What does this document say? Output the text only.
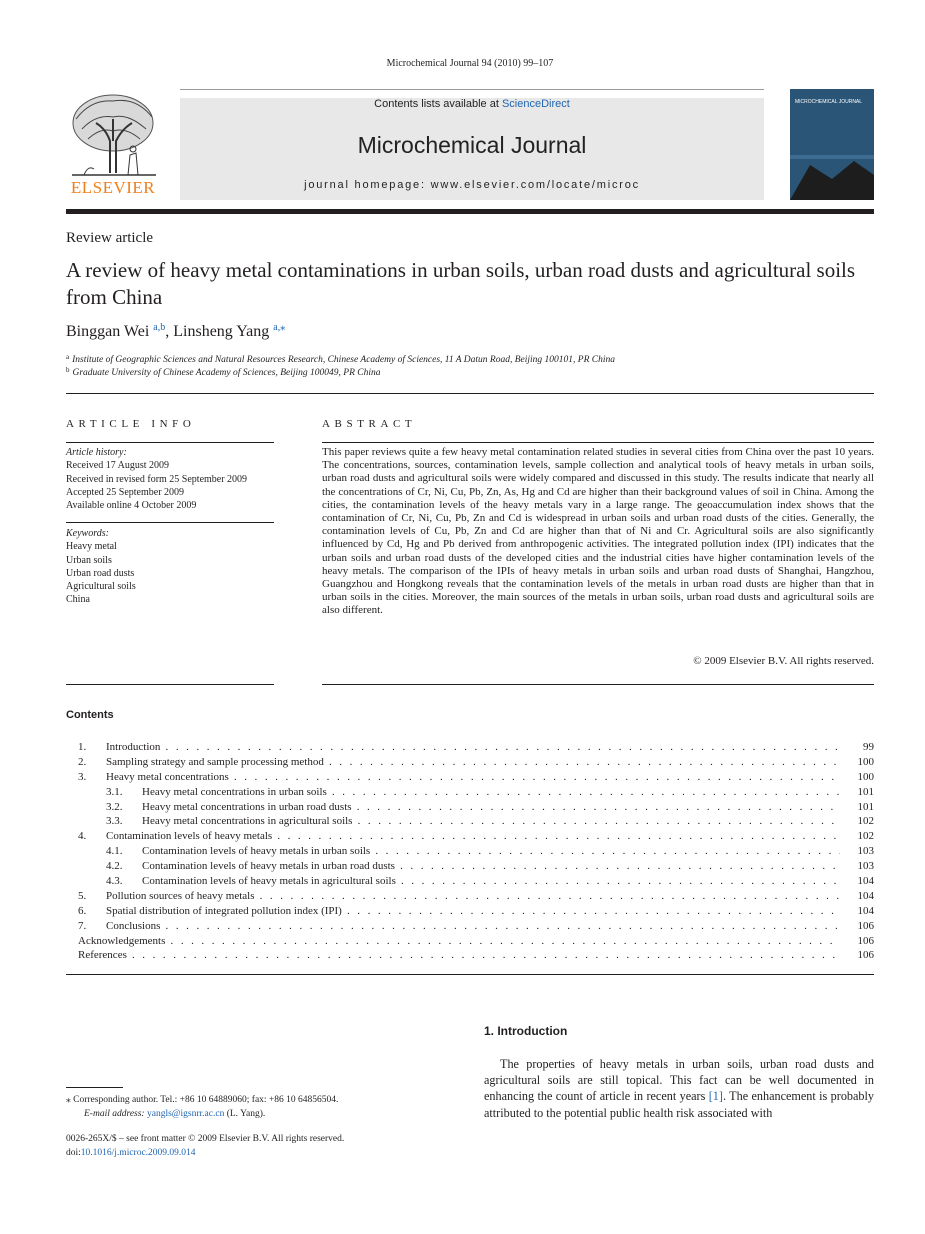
Microchemical Journal 94 (2010) 99–107
ELSEVIER
Contents lists available at ScienceDirect
Microchemical Journal
journal homepage: www.elsevier.com/locate/microc
MICROCHEMICAL JOURNAL
Review article
A review of heavy metal contaminations in urban soils, urban road dusts and agricultural soils from China
Binggan Wei $^{a,b}$, Linsheng Yang $^{a,⁎}$
$^a$ Institute of Geographic Sciences and Natural Resources Research, Chinese Academy of Sciences, 11 A Datun Road, Beijing 100101, PR China
$^b$ Graduate University of Chinese Academy of Sciences, Beijing 100049, PR China
ARTICLE INFO
Article history:
Received 17 August 2009
Received in revised form 25 September 2009
Accepted 25 September 2009
Available online 4 October 2009
Keywords:
Heavy metal
Urban soils
Urban road dusts
Agricultural soils
China
ABSTRACT
This paper reviews quite a few heavy metal contamination related studies in several cities from China over the past 10 years. The concentrations, sources, contamination levels, sample collection and analytical tools of heavy metals in urban soils, urban road dusts and agricultural soils were widely compared and discussed in this study. The results indicate that nearly all the concentrations of Cr, Ni, Cu, Pb, Zn, As, Hg and Cd are higher than their background values of soil in China. Among the cities, the contamination levels of the heavy metals vary in a large range. The geoaccumulation index shows that the contamination of Cr, Ni, Cu, Pb, Zn and Cd is widespread in urban soils and urban road dusts of the cities. Generally, the contamination levels of Cu, Pb, Zn and Cd are higher than that of Ni and Cr. Agricultural soils are also significantly influenced by Cd, Hg and Pb derived from anthropogenic activities. The integrated pollution index (IPI) indicates that the urban soils and urban road dusts of the developed cities and the industrial cities have higher contamination levels of the heavy metals. The comparison of the IPIs of heavy metals in urban soils and urban road dusts of Shanghai, Hangzhou, Guangzhou and Hongkong reveals that the contamination levels of the metals in urban road dusts are higher than that in urban soils in the cities. Moreover, the main sources of the metals in urban soils, urban road dusts and agricultural soils are also different.
© 2009 Elsevier B.V. All rights reserved.
Contents
1. Introduction . . .	99
2. Sampling strategy and sample processing method . . .	100
3. Heavy metal concentrations . . .	100
3.1. Heavy metal concentrations in urban soils . . .	101
3.2. Heavy metal concentrations in urban road dusts . . .	101
3.3. Heavy metal concentrations in agricultural soils . . .	102
4. Contamination levels of heavy metals . . .	102
4.1. Contamination levels of heavy metals in urban soils . . .	103
4.2. Contamination levels of heavy metals in urban road dusts . . .	103
4.3. Contamination levels of heavy metals in agricultural soils . . .	104
5. Pollution sources of heavy metals . . .	104
6. Spatial distribution of integrated pollution index (IPI) . . .	104
7. Conclusions . . .	106
Acknowledgements . . .	106
References . . .	106
1. Introduction
The properties of heavy metals in urban soils, urban road dusts and agricultural soils are still topical. This fact can be well documented in enhancing the count of article in recent years [1]. The enhancement is probably attributed to the potential public health risk associated with
⁎ Corresponding author. Tel.: +86 10 64889060; fax: +86 10 64856504.
E-mail address: yangls@igsnrr.ac.cn (L. Yang).
0026-265X/$ – see front matter © 2009 Elsevier B.V. All rights reserved.
doi:10.1016/j.microc.2009.09.014
